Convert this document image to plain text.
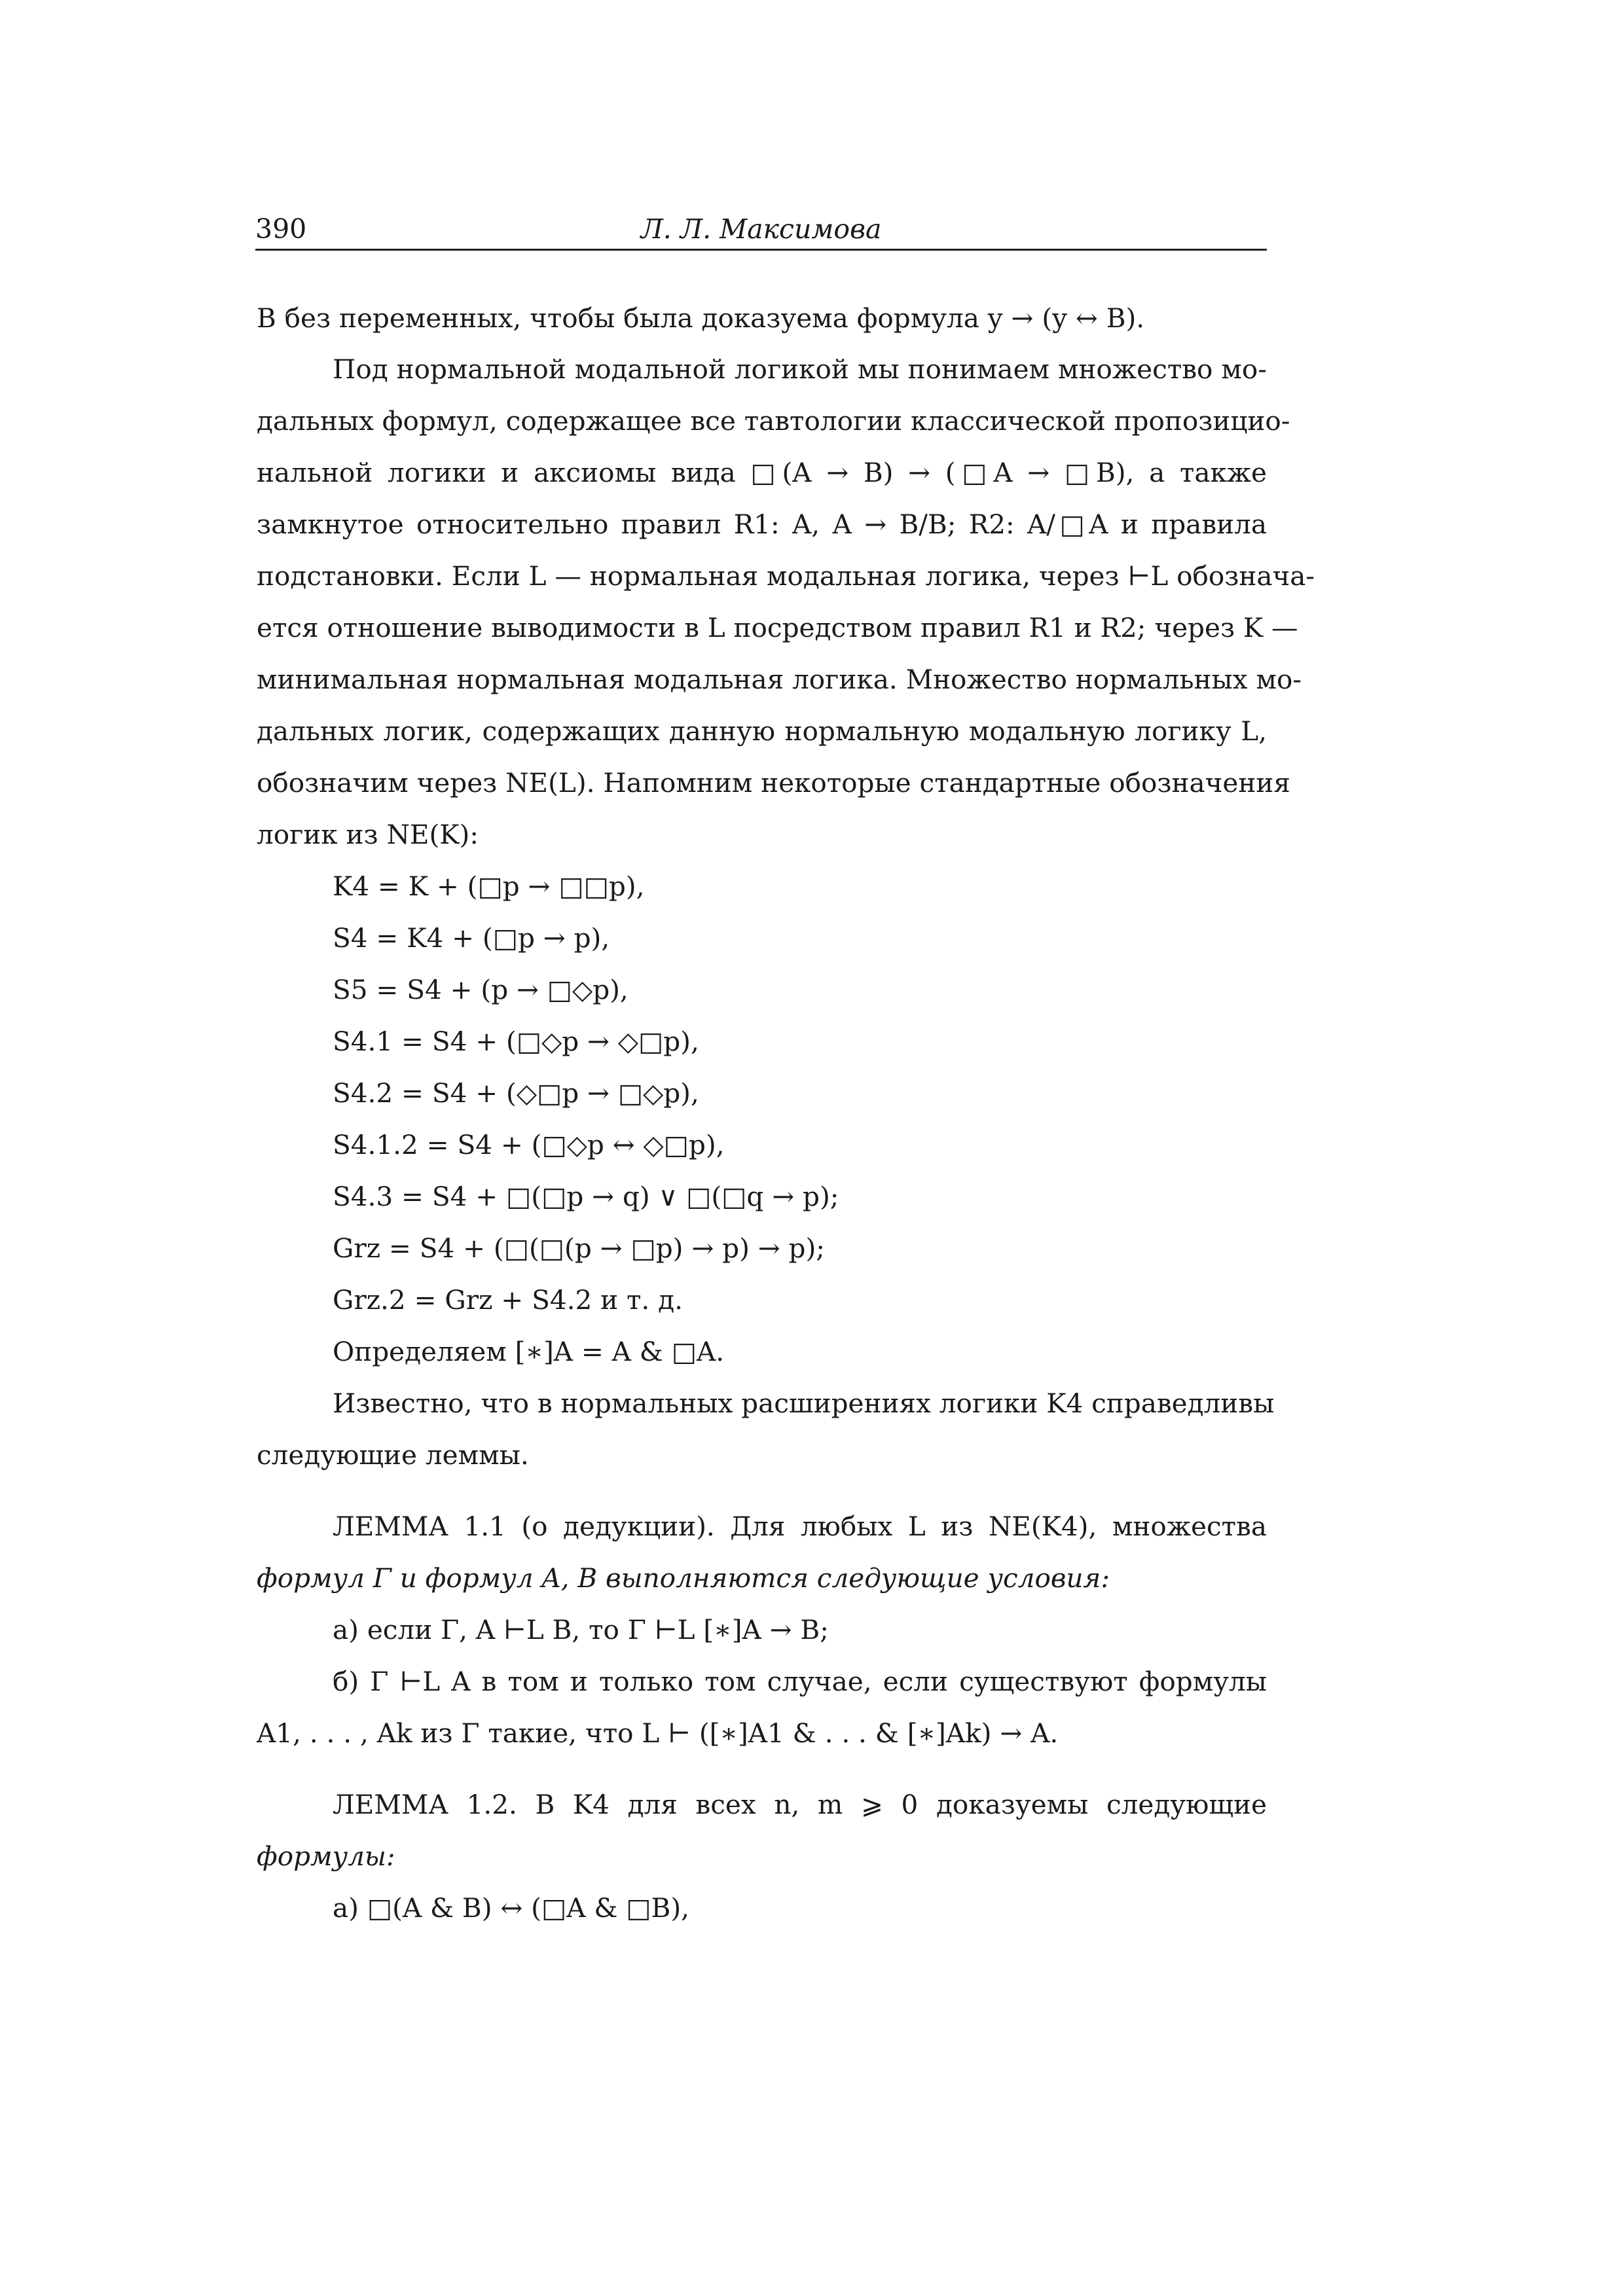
390	Л. Л. Максимова
B без переменных, чтобы была доказуема формула y → (y ↔ B).
Под нормальной модальной логикой мы понимаем множество мо-
дальных формул, содержащее все тавтологии классической пропозицио-
нальной логики и аксиомы вида □(A → B) → (□A → □B), а также
замкнутое относительно правил R1: A, A → B/B; R2: A/□A и правила
подстановки. Если L — нормальная модальная логика, через ⊢L обознача-
ется отношение выводимости в L посредством правил R1 и R2; через K —
минимальная нормальная модальная логика. Множество нормальных мо-
дальных логик, содержащих данную нормальную модальную логику L,
обозначим через NE(L). Напомним некоторые стандартные обозначения
логик из NE(K):
K4 = K + (□p → □□p),
S4 = K4 + (□p → p),
S5 = S4 + (p → □◇p),
S4.1 = S4 + (□◇p → ◇□p),
S4.2 = S4 + (◇□p → □◇p),
S4.1.2 = S4 + (□◇p ↔ ◇□p),
S4.3 = S4 + □(□p → q) ∨ □(□q → p);
Grz = S4 + (□(□(p → □p) → p) → p);
Grz.2 = Grz + S4.2 и т. д.
Определяем [∗]A = A & □A.
Известно, что в нормальных расширениях логики K4 справедливы
следующие леммы.
ЛЕММА 1.1 (о дедукции). Для любых L из NE(K4), множества
формул Γ и формул A, B выполняются следующие условия:
а) если Γ, A ⊢L B, то Γ ⊢L [∗]A → B;
б) Γ ⊢L A в том и только том случае, если существуют формулы
A1, . . . , Ak из Γ такие, что L ⊢ ([∗]A1 & . . . & [∗]Ak) → A.
ЛЕММА 1.2. В K4 для всех n, m ⩾ 0 доказуемы следующие
формулы:
а) □(A & B) ↔ (□A & □B),
